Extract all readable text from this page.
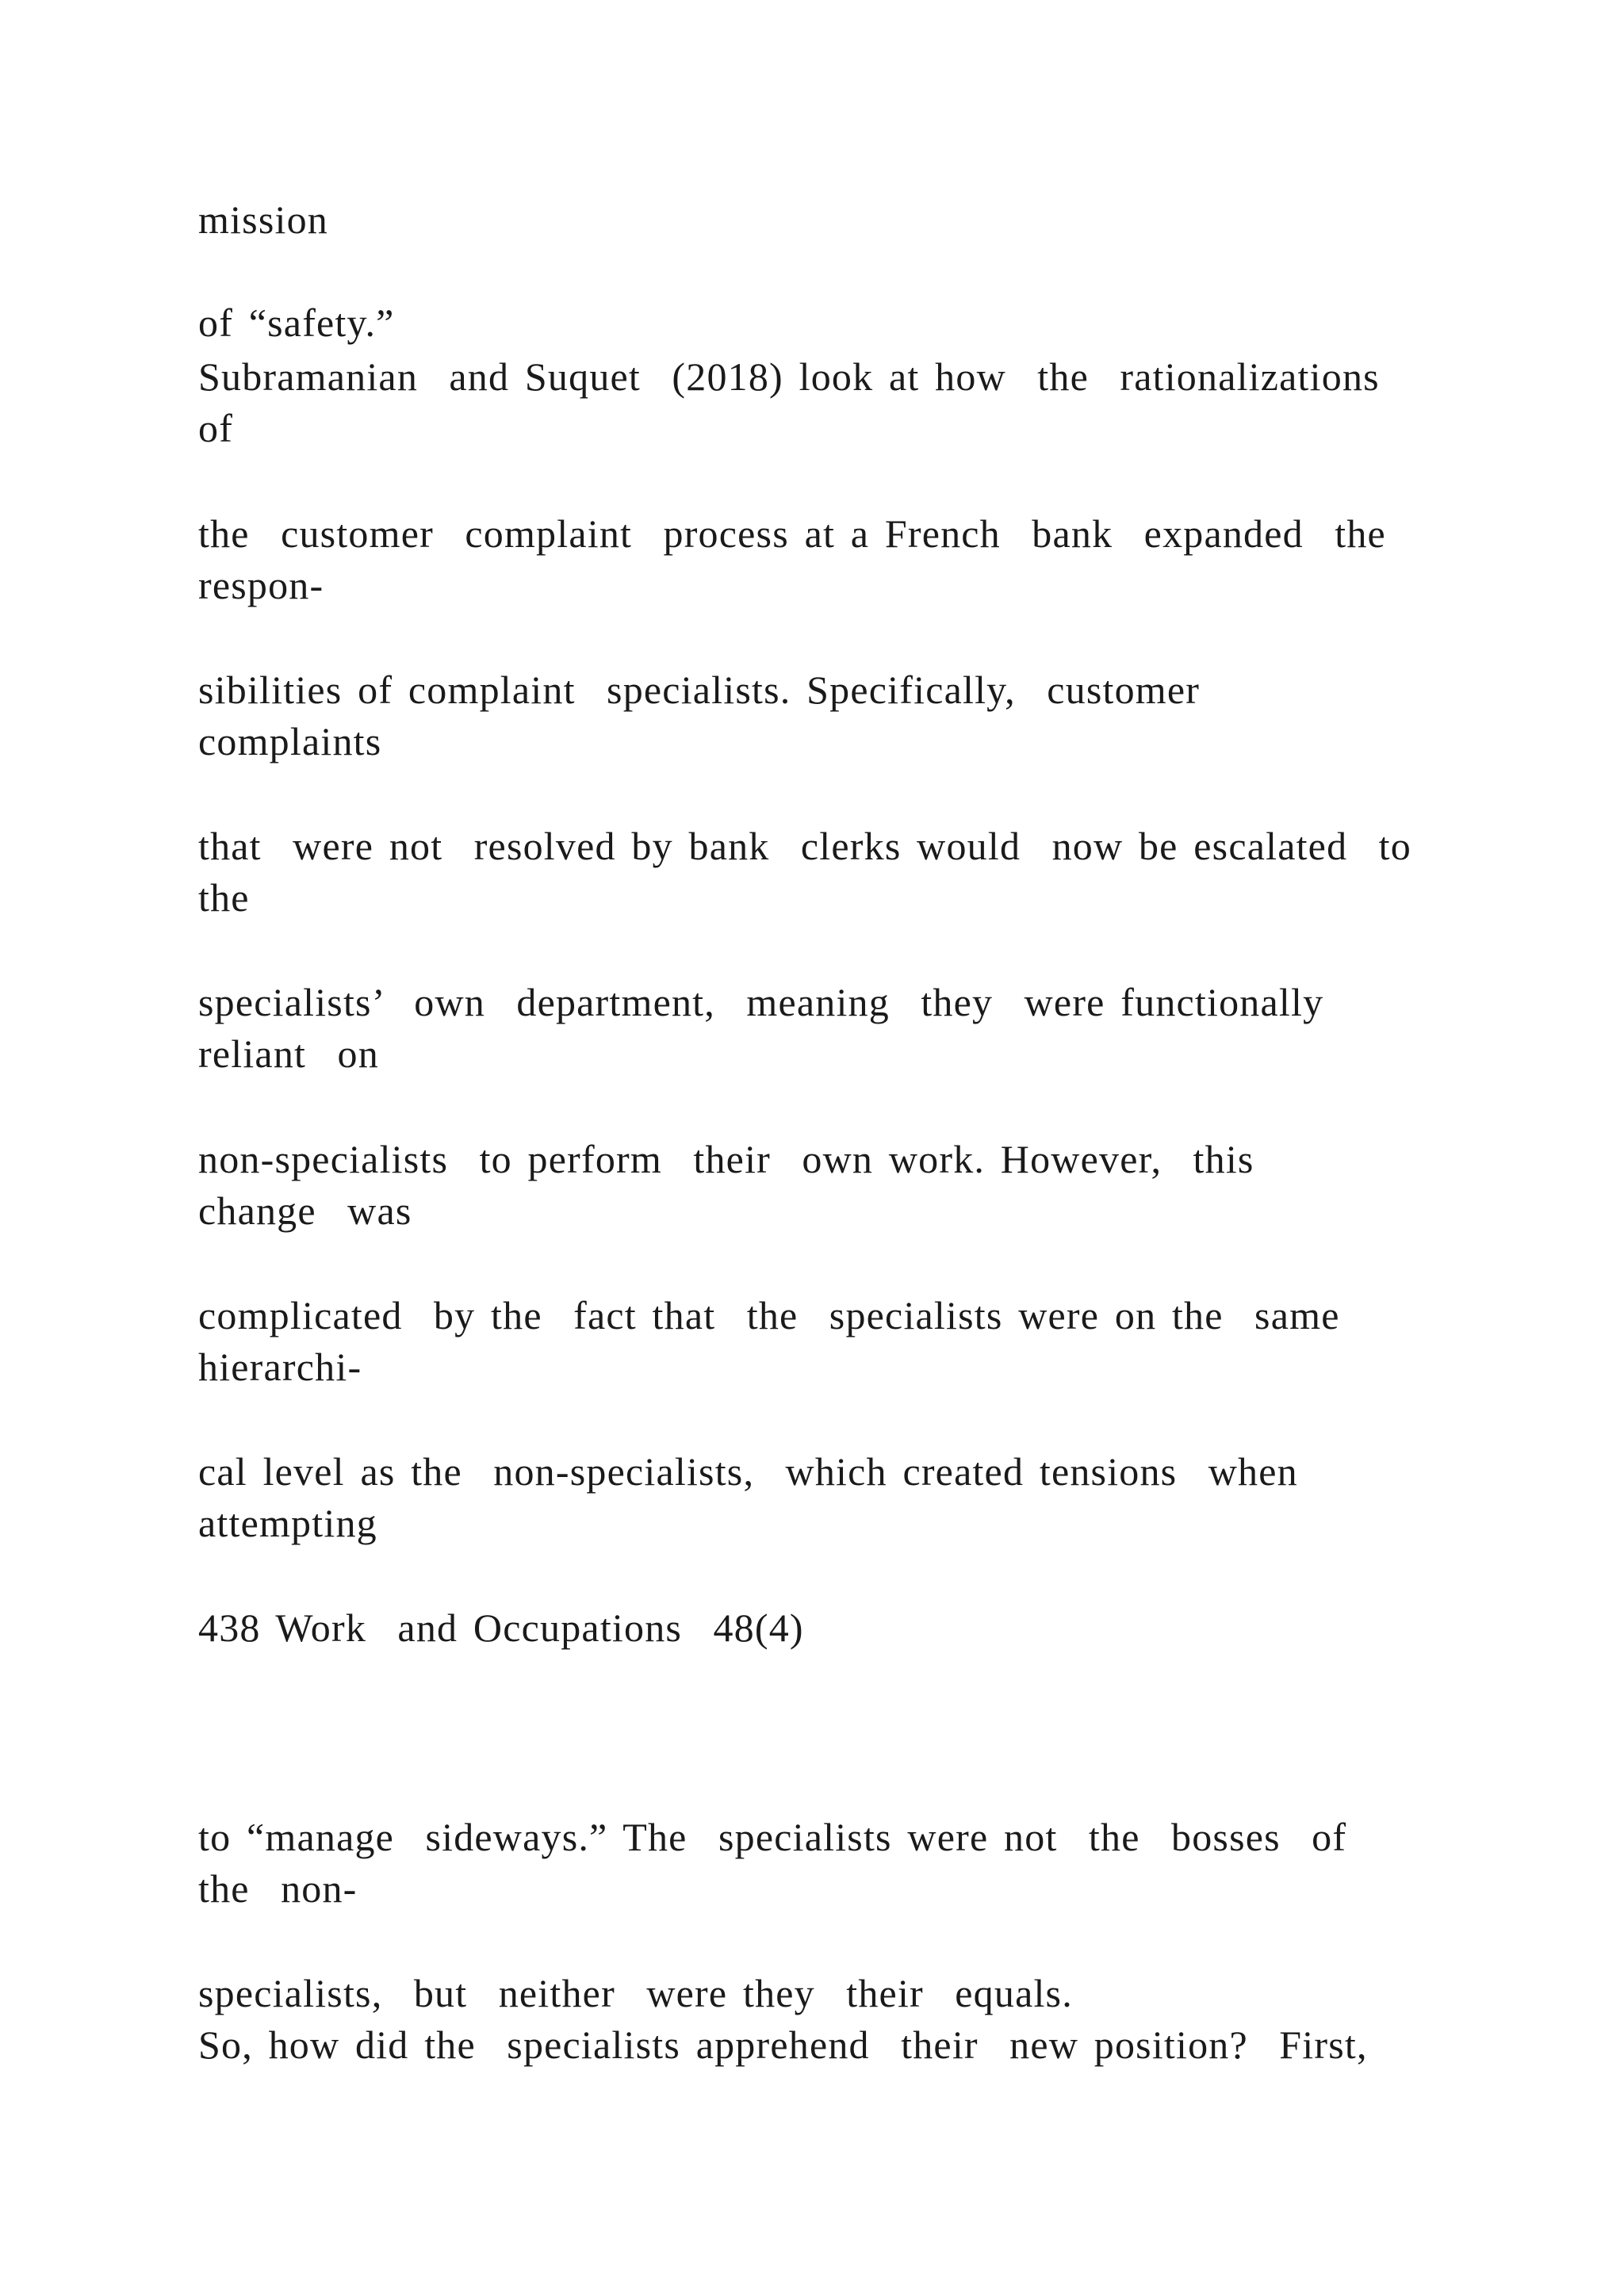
mission
of “safety.”
Subramanian  and Suquet  (2018) look at how  the  rationalizations
of
the  customer  complaint  process at a French  bank  expanded  the
respon-
sibilities of complaint  specialists. Specifically,  customer
complaints
that  were not  resolved by bank  clerks would  now be escalated  to
the
specialists’  own  department,  meaning  they  were functionally
reliant  on
non-specialists  to perform  their  own work. However,  this
change  was
complicated  by the  fact that  the  specialists were on the  same
hierarchi-
cal level as the  non-specialists,  which created tensions  when
attempting
438 Work  and Occupations  48(4)
to “manage  sideways.” The  specialists were not  the  bosses  of
the  non-
specialists,  but  neither  were they  their  equals.
So, how did the  specialists apprehend  their  new position?  First,
